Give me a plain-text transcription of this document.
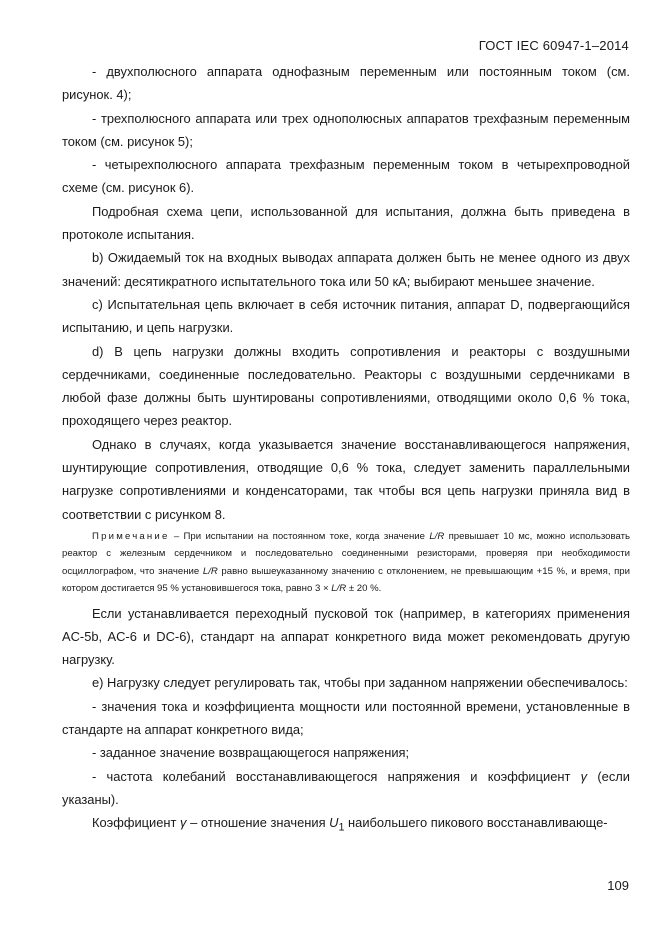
ГОСТ IEC 60947-1–2014

- двухполюсного аппарата однофазным переменным или постоянным током (см. рисунок. 4);

- трехполюсного аппарата или трех однополюсных аппаратов трехфазным переменным током (см. рисунок 5);

- четырехполюсного аппарата трехфазным переменным током в четырехпроводной схеме (см. рисунок 6).

Подробная схема цепи, использованной для испытания, должна быть приведена в протоколе испытания.

b) Ожидаемый ток на входных выводах аппарата должен быть не менее одного из двух значений: десятикратного испытательного тока или 50 кА; выбирают меньшее значение.

c) Испытательная цепь включает в себя источник питания, аппарат D, подвергающийся испытанию, и цепь нагрузки.

d) В цепь нагрузки должны входить сопротивления и реакторы с воздушными сердечниками, соединенные последовательно. Реакторы с воздушными сердечниками в любой фазе должны быть шунтированы сопротивлениями, отводящими около 0,6 % тока, проходящего через реактор.

Однако в случаях, когда указывается значение восстанавливающегося напряжения, шунтирующие сопротивления, отводящие 0,6 % тока, следует заменить параллельными нагрузке сопротивлениями и конденсаторами, так чтобы вся цепь нагрузки приняла вид в соответствии с рисунком 8.

Примечание – При испытании на постоянном токе, когда значение L/R превышает 10 мс, можно использовать реактор с железным сердечником и последовательно соединенными резисторами, проверяя при необходимости осциллографом, что значение L/R равно вышеуказанному значению с отклонением, не превышающим +15 %, и время, при котором достигается 95 % установившегося тока, равно 3 × L/R ± 20 %.

Если устанавливается переходный пусковой ток (например, в категориях применения AC-5b, AC-6 и DC-6), стандарт на аппарат конкретного вида может рекомендовать другую нагрузку.

e) Нагрузку следует регулировать так, чтобы при заданном напряжении обеспечивалось:

- значения тока и коэффициента мощности или постоянной времени, установленные в стандарте на аппарат конкретного вида;

- заданное значение возвращающегося напряжения;

- частота колебаний восстанавливающегося напряжения и коэффициент γ (если указаны).

Коэффициент γ – отношение значения $U_1$ наибольшего пикового восстанавливающе-

109
